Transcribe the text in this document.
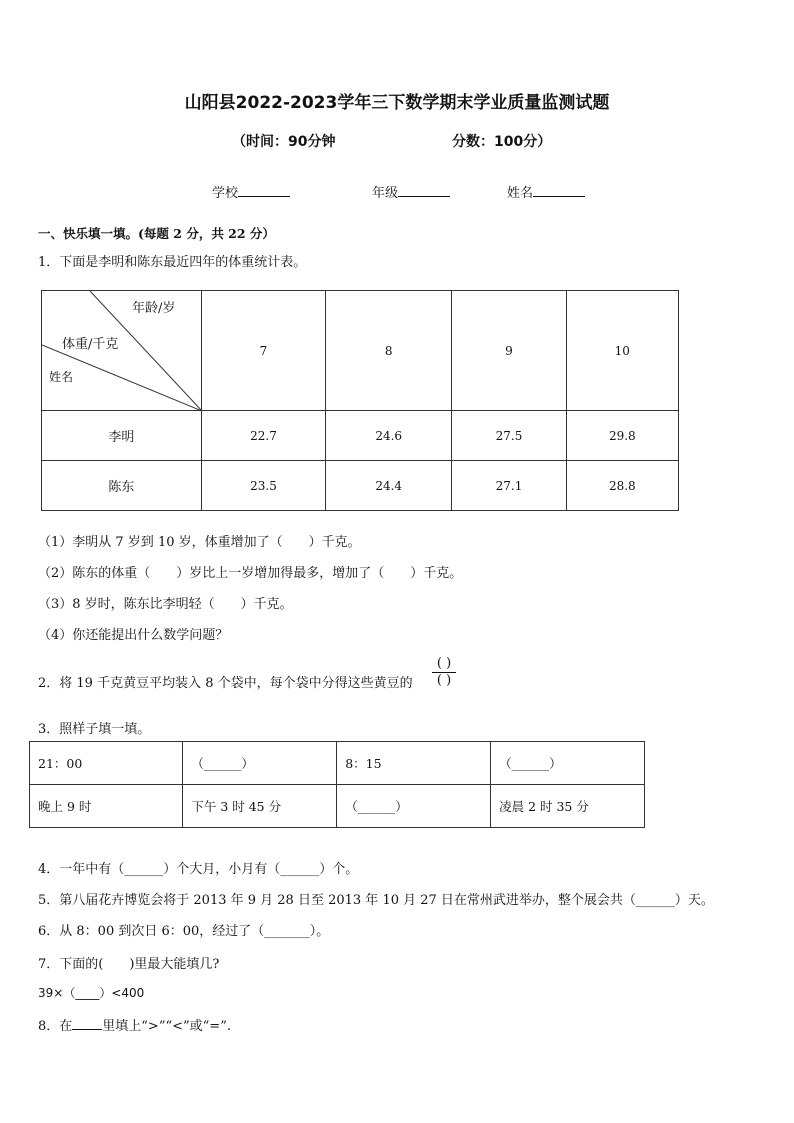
山阳县2022-2023学年三下数学期末学业质量监测试题
（时间：90分钟	分数：100分）
学校	年级	姓名
一、快乐填一填。(每题 2 分，共 22 分）
1．下面是李明和陈东最近四年的体重统计表。
年龄/岁
体重/千克
姓名	7	8	9	10
李明	22.7	24.6	27.5	29.8
陈东	23.5	24.4	27.1	28.8
（1）李明从 7 岁到 10 岁，体重增加了（　　）千克。
（2）陈东的体重（　　）岁比上一岁增加得最多，增加了（　　）千克。
（3）8 岁时，陈东比李明轻（　　）千克。
（4）你还能提出什么数学问题？
2．将 19 千克黄豆平均装入 8 个袋中，每个袋中分得这些黄豆的
( )
( )
3．照样子填一填。
21：00	（______）	8：15	（______）
晚上 9 时	下午 3 时 45 分	（______）	凌晨 2 时 35 分
4．一年中有（______）个大月，小月有（______）个。
5．第八届花卉博览会将于 2013 年 9 月 28 日至 2013 年 10 月 27 日在常州武进举办，整个展会共（______）天。
6．从 8：00 到次日 6：00，经过了（_______）。
7．下面的(　　)里最大能填几?
39×（____）<400
8．在 里填上“>”“<”或“=”.
